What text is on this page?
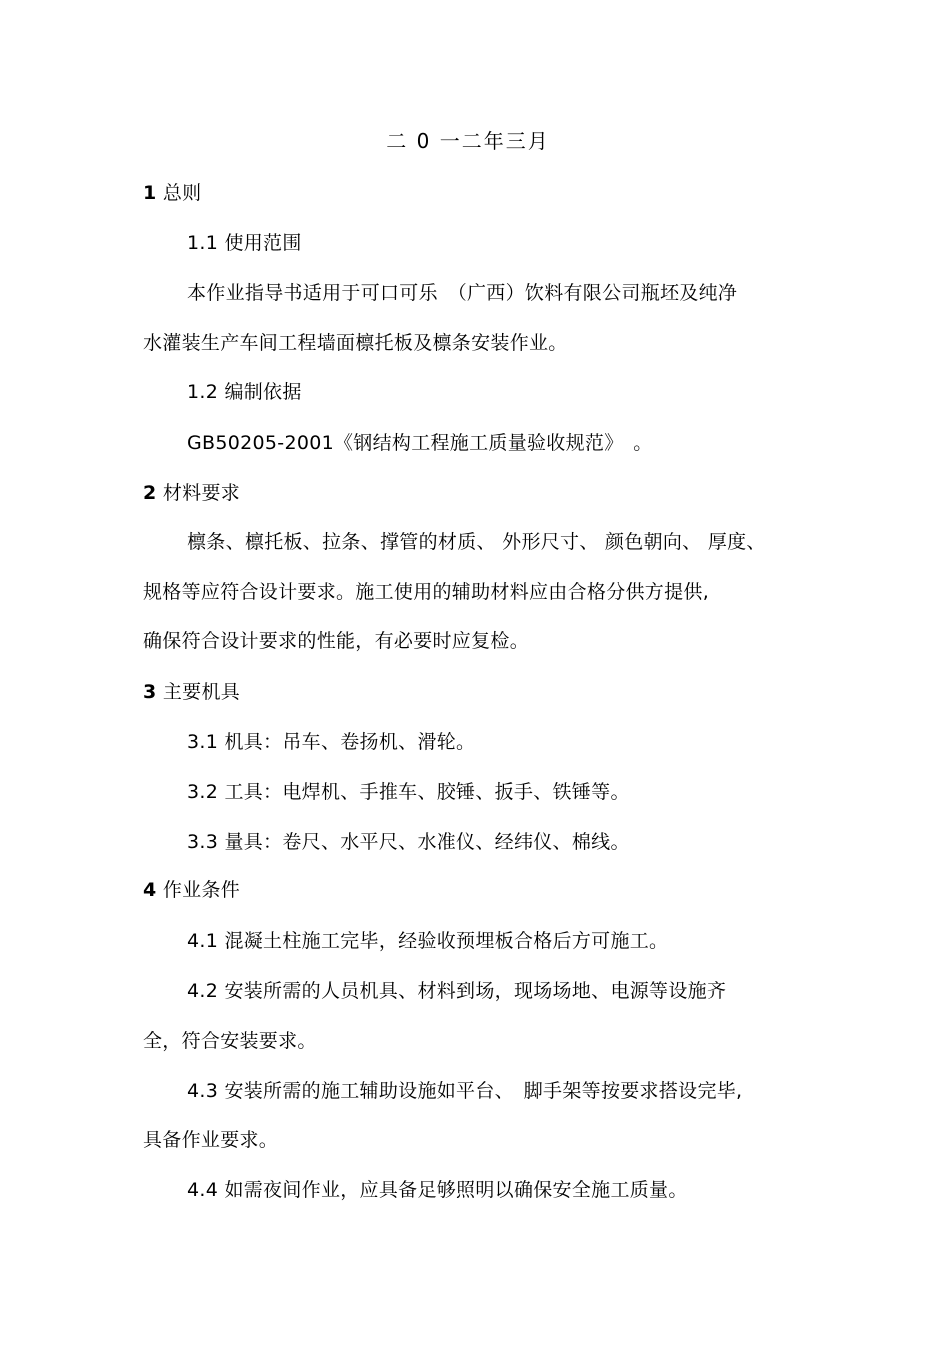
二 0 一二年三月
1 总则
1.1 使用范围
本作业指导书适用于可口可乐　（广西）饮料有限公司瓶坯及纯净
水灌装生产车间工程墙面檩托板及檩条安装作业。
1.2 编制依据
GB50205-2001《钢结构工程施工质量验收规范》　。
2 材料要求
檩条、檩托板、拉条、撑管的材质、 外形尺寸、 颜色朝向、 厚度、
规格等应符合设计要求。施工使用的辅助材料应由合格分供方提供,
确保符合设计要求的性能，有必要时应复检。
3 主要机具
3.1 机具：吊车、卷扬机、滑轮。
3.2 工具：电焊机、手推车、胶锤、扳手、铁锤等。
3.3 量具：卷尺、水平尺、水准仪、经纬仪、棉线。
4 作业条件
4.1 混凝土柱施工完毕，经验收预埋板合格后方可施工。
4.2 安装所需的人员机具、材料到场，现场场地、电源等设施齐
全，符合安装要求。
4.3 安装所需的施工辅助设施如平台、　脚手架等按要求搭设完毕,
具备作业要求。
4.4 如需夜间作业，应具备足够照明以确保安全施工质量。
